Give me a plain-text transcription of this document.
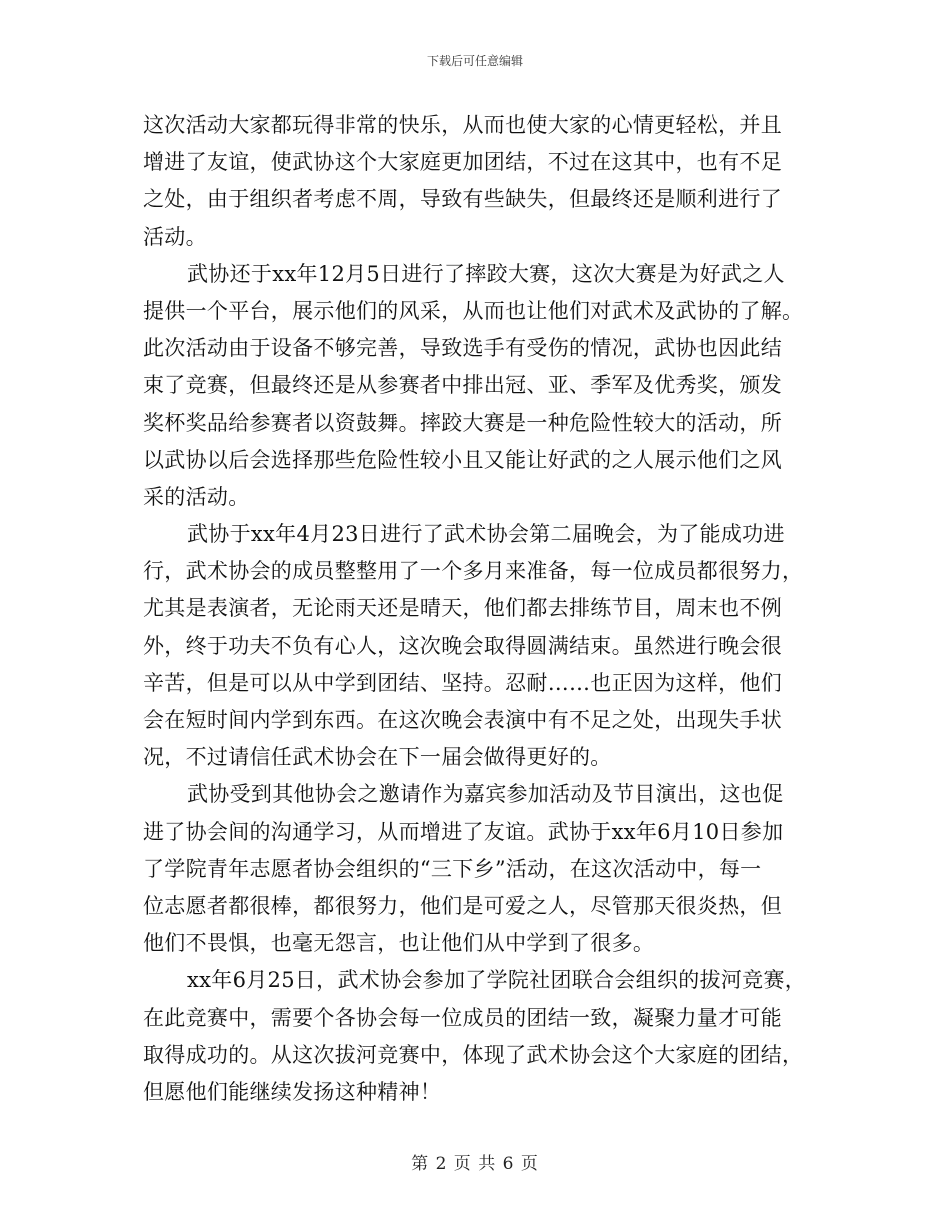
下载后可任意编辑
这次活动大家都玩得非常的快乐，从而也使大家的心情更轻松，并且
增进了友谊，使武协这个大家庭更加团结，不过在这其中，也有不足
之处，由于组织者考虑不周，导致有些缺失，但最终还是顺利进行了
活动。
武协还于xx年12月5日进行了摔跤大赛，这次大赛是为好武之人
提供一个平台，展示他们的风采，从而也让他们对武术及武协的了解。
此次活动由于设备不够完善，导致选手有受伤的情况，武协也因此结
束了竞赛，但最终还是从参赛者中排出冠、亚、季军及优秀奖，颁发
奖杯奖品给参赛者以资鼓舞。摔跤大赛是一种危险性较大的活动，所
以武协以后会选择那些危险性较小且又能让好武的之人展示他们之风
采的活动。
武协于xx年4月23日进行了武术协会第二届晚会，为了能成功进
行，武术协会的成员整整用了一个多月来准备，每一位成员都很努力，
尤其是表演者，无论雨天还是晴天，他们都去排练节目，周末也不例
外，终于功夫不负有心人，这次晚会取得圆满结束。虽然进行晚会很
辛苦，但是可以从中学到团结、坚持。忍耐……也正因为这样，他们
会在短时间内学到东西。在这次晚会表演中有不足之处，出现失手状
况，不过请信任武术协会在下一届会做得更好的。
武协受到其他协会之邀请作为嘉宾参加活动及节目演出，这也促
进了协会间的沟通学习，从而增进了友谊。武协于xx年6月10日参加
了学院青年志愿者协会组织的“三下乡”活动，在这次活动中，每一
位志愿者都很棒，都很努力，他们是可爱之人，尽管那天很炎热，但
他们不畏惧，也毫无怨言，也让他们从中学到了很多。
xx年6月25日，武术协会参加了学院社团联合会组织的拔河竞赛，
在此竞赛中，需要个各协会每一位成员的团结一致，凝聚力量才可能
取得成功的。从这次拔河竞赛中，体现了武术协会这个大家庭的团结，
但愿他们能继续发扬这种精神！
第 2 页 共 6 页
